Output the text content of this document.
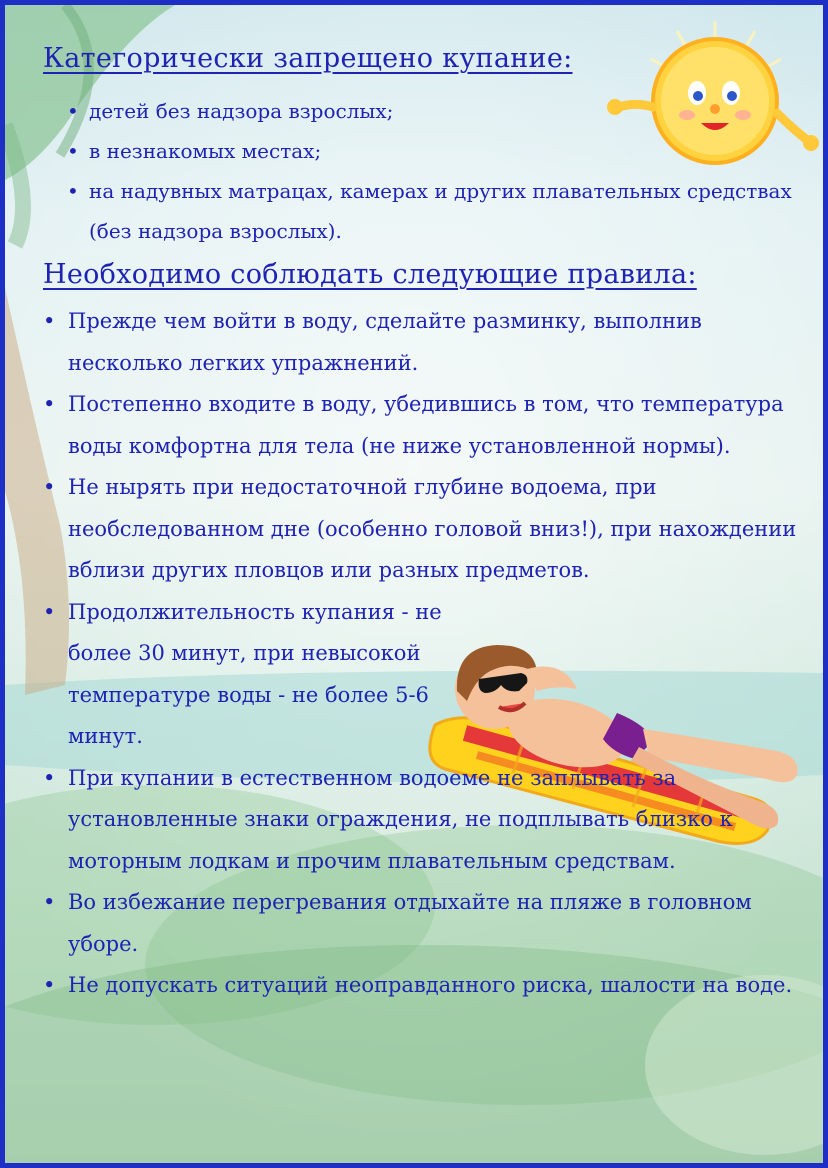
Категорически запрещено купание:
• детей без надзора взрослых;
• в незнакомых местах;
• на надувных матрацах, камерах и других плавательных средствах (без надзора взрослых).
Необходимо соблюдать следующие правила:
• Прежде чем войти в воду, сделайте разминку, выполнив несколько легких упражнений.
• Постепенно входите в воду, убедившись в том, что температура воды комфортна для тела (не ниже установленной нормы).
• Не нырять при недостаточной глубине водоема, при необследованном дне (особенно головой вниз!), при нахождении вблизи других пловцов или разных предметов.
• Продолжительность купания - не более 30 минут, при невысокой температуре воды - не более 5-6 минут.
• При купании в естественном водоеме не заплывать за установленные знаки ограждения, не подплывать близко к моторным лодкам и прочим плавательным средствам.
• Во избежание перегревания отдыхайте на пляже в головном уборе.
• Не допускать ситуаций неоправданного риска, шалости на воде.
